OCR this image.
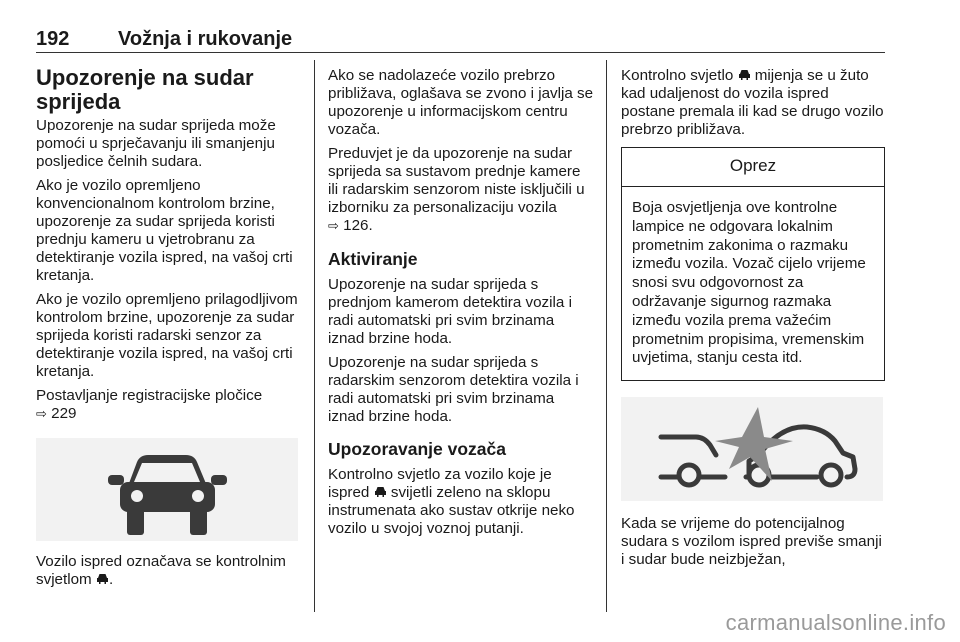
192 Vožnja i rukovanje
Upozorenje na sudar sprijeda

Upozorenje na sudar sprijeda može pomoći u sprječavanju ili smanjenju posljedice čelnih sudara.

Ako je vozilo opremljeno konvencionalnom kontrolom brzine, upozorenje za sudar sprijeda koristi prednju kameru u vjetrobranu za detektiranje vozila ispred, na vašoj crti kretanja.

Ako je vozilo opremljeno prilagodljivom kontrolom brzine, upozorenje za sudar sprijeda koristi radarski senzor za detektiranje vozila ispred, na vašoj crti kretanja.

Postavljanje registracijske pločice
⇨ 229

Vozilo ispred označava se kontrolnim svjetlom .

Ako se nadolazeće vozilo prebrzo približava, oglašava se zvono i javlja se upozorenje u informacijskom centru vozača.

Preduvjet je da upozorenje na sudar sprijeda sa sustavom prednje kamere ili radarskim senzorom niste isključili u izborniku za personalizaciju vozila
⇨ 126.

Aktiviranje

Upozorenje na sudar sprijeda s prednjom kamerom detektira vozila i radi automatski pri svim brzinama iznad brzine hoda.

Upozorenje na sudar sprijeda s radarskim senzorom detektira vozila i radi automatski pri svim brzinama iznad brzine hoda.

Upozoravanje vozača

Kontrolno svjetlo za vozilo koje je ispred svijetli zeleno na sklopu instrumenata ako sustav otkrije neko vozilo u svojoj voznoj putanji.

Kontrolno svjetlo mijenja se u žuto kad udaljenost do vozila ispred postane premala ili kad se drugo vozilo prebrzo približava.

Oprez
Boja osvjetljenja ove kontrolne lampice ne odgovara lokalnim prometnim zakonima o razmaku između vozila. Vozač cijelo vrijeme snosi svu odgovornost za održavanje sigurnog razmaka između vozila prema važećim prometnim propisima, vremenskim uvjetima, stanju cesta itd.

Kada se vrijeme do potencijalnog sudara s vozilom ispred previše smanji i sudar bude neizbježan,

carmanualsonline.info
